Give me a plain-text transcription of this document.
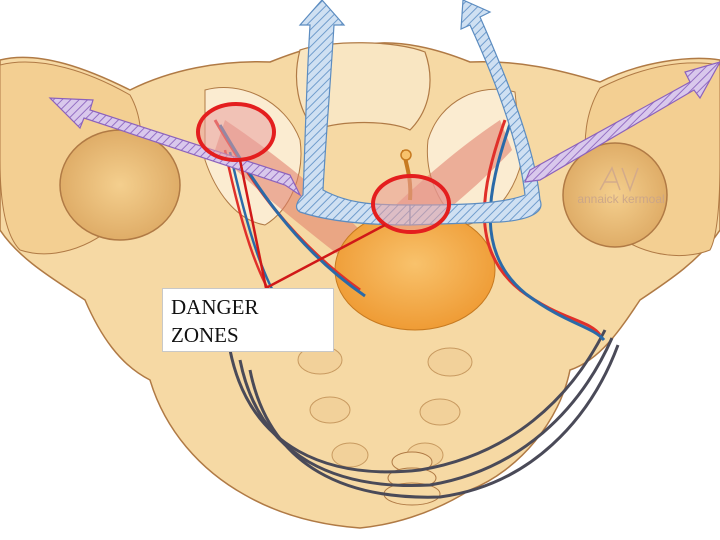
annaick kermoal
DANGER
ZONES
